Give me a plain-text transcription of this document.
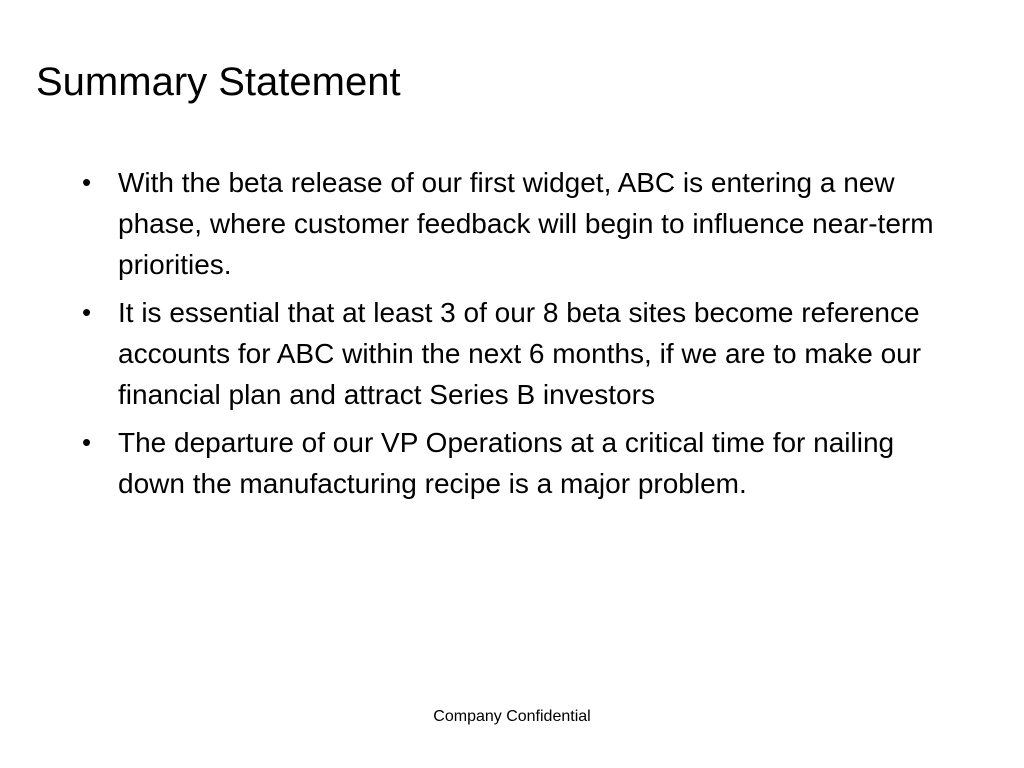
Summary Statement
• With the beta release of our first widget, ABC is entering a new phase, where customer feedback will begin to influence near-term priorities.
• It is essential that at least 3 of our 8 beta sites become reference accounts for ABC within the next 6 months, if we are to make our financial plan and attract Series B investors
• The departure of our VP Operations at a critical time for nailing down the manufacturing recipe is a major problem.
Company Confidential
